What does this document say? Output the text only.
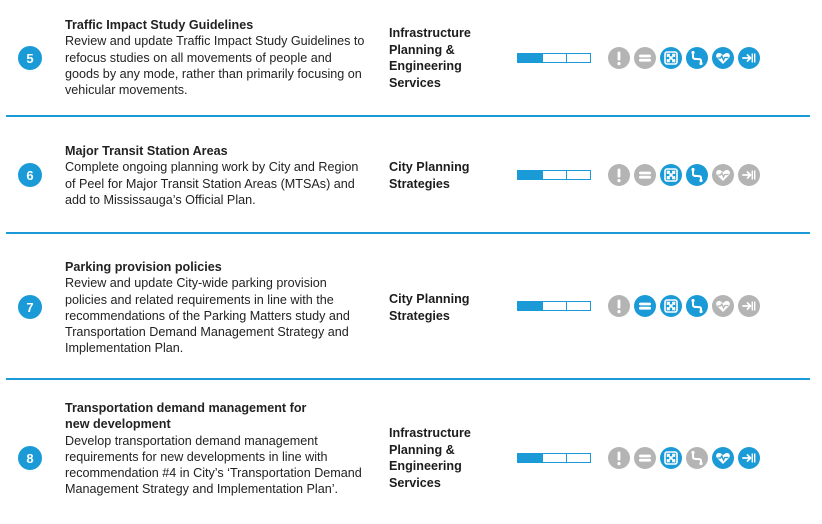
5
Traffic Impact Study Guidelines
Review and update Traffic Impact Study Guidelines to refocus studies on all movements of people and goods by any mode, rather than primarily focusing on vehicular movements.
Infrastructure Planning & Engineering Services
6
Major Transit Station Areas
Complete ongoing planning work by City and Region of Peel for Major Transit Station Areas (MTSAs) and add to Mississauga’s Official Plan.
City Planning Strategies
7
Parking provision policies
Review and update City-wide parking provision policies and related requirements in line with the recommendations of the Parking Matters study and Transportation Demand Management Strategy and Implementation Plan.
City Planning Strategies
8
Transportation demand management for new development
Develop transportation demand management requirements for new developments in line with recommendation #4 in City’s ‘Transportation Demand Management Strategy and Implementation Plan’.
Infrastructure Planning & Engineering Services
